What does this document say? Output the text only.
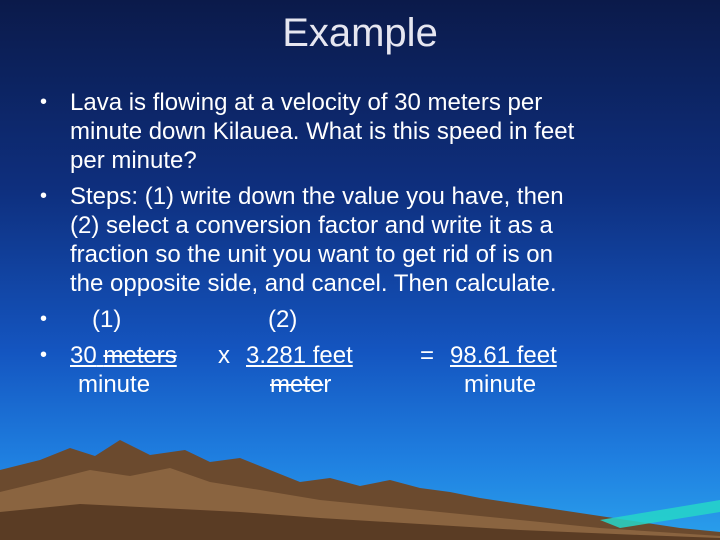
Example
• Lava is flowing at a velocity of 30 meters per
minute down Kilauea. What is this speed in feet
per minute?
• Steps: (1) write down the value you have, then
(2) select a conversion factor and write it as a
fraction so the unit you want to get rid of is on
the opposite side, and cancel. Then calculate.
• (1)	(2)
• 30 meters x 3.281 feet	= 98.61 feet
minute	meter	minute
